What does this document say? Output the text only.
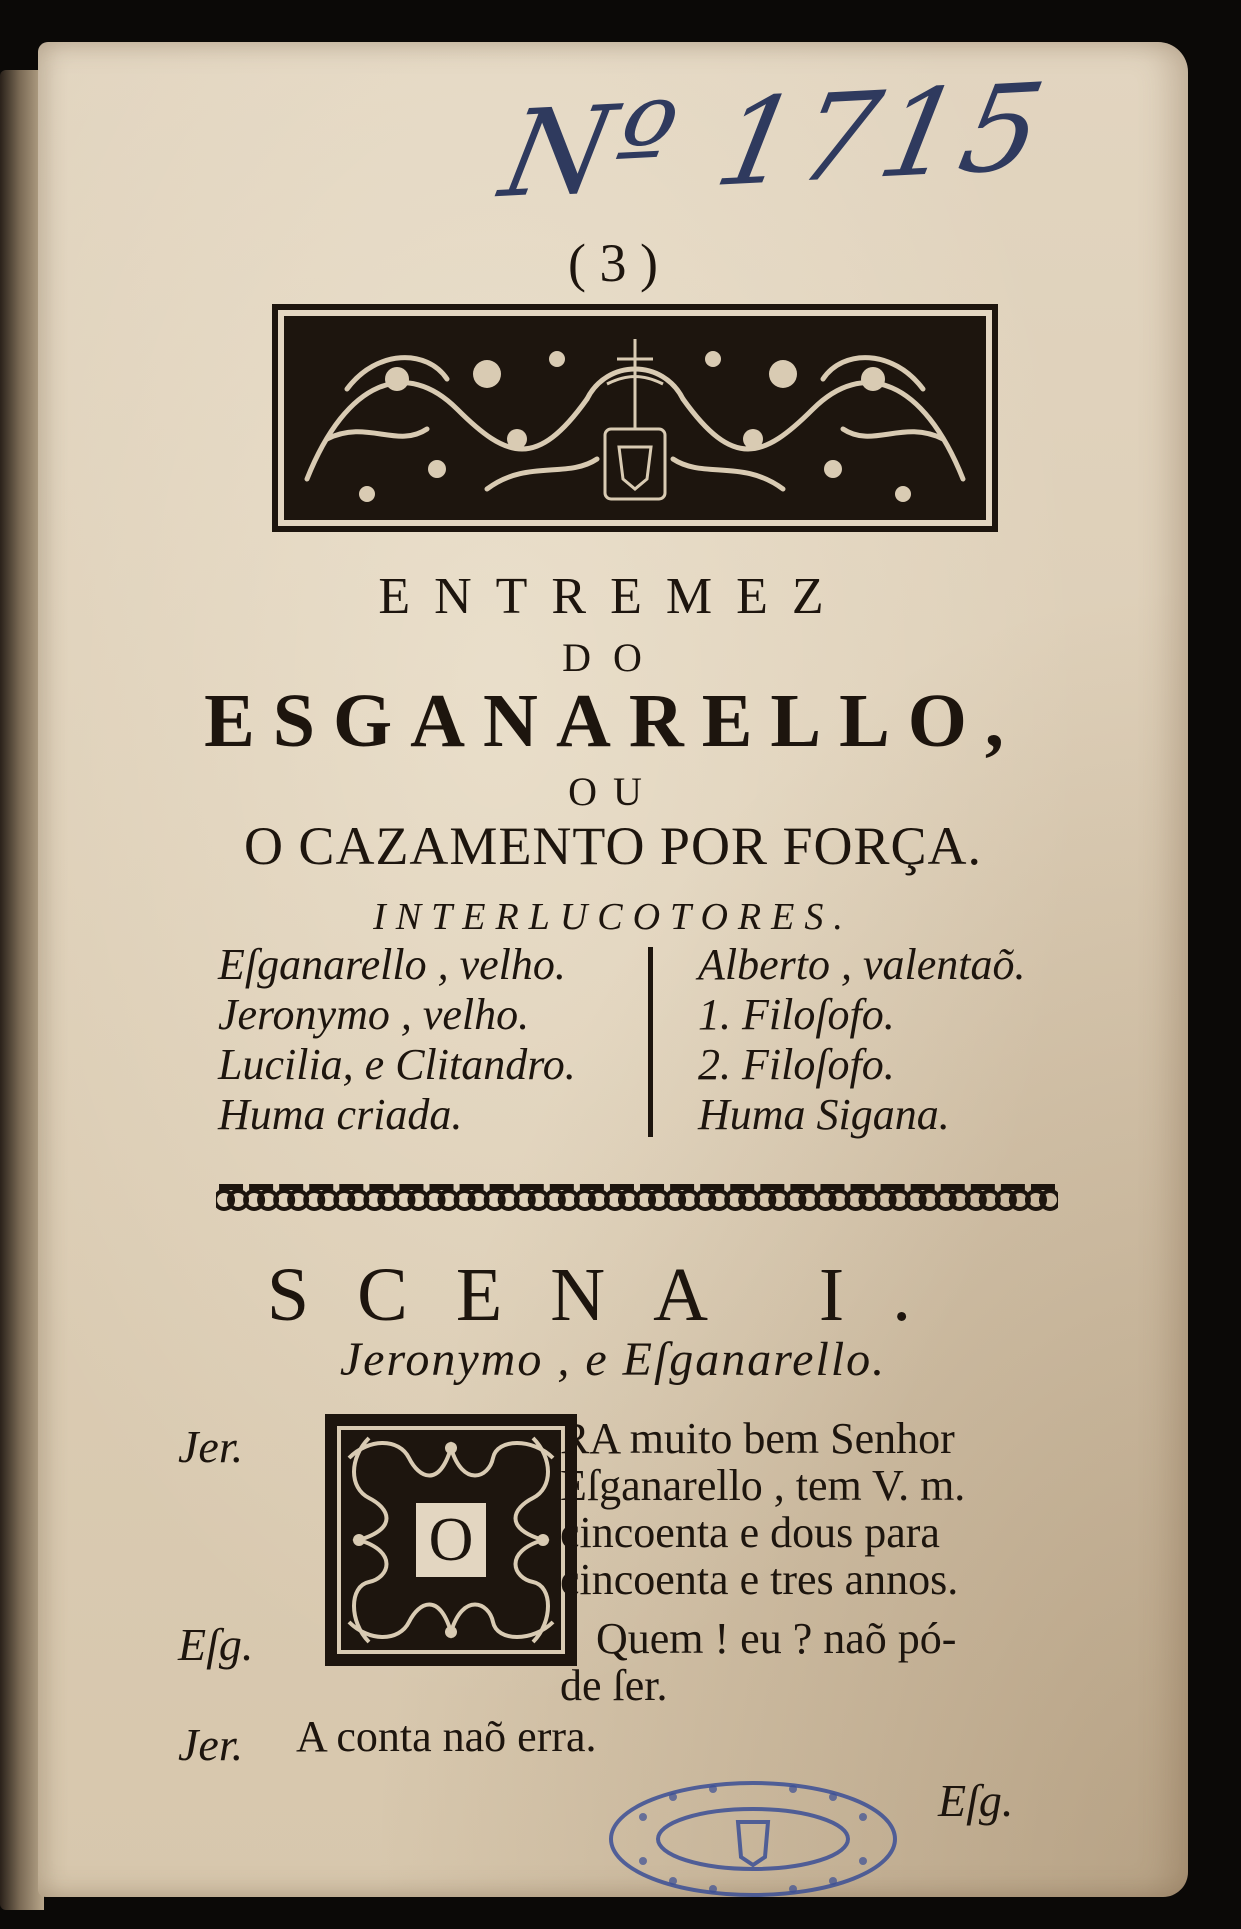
Nº 1715
( 3 )
ENTREMEZ
DO
ESGANARELLO,
OU
O CAZAMENTO POR FORÇA.
INTERLUCOTORES.
Eſganarello , velho.
Jeronymo , velho.
Lucilia, e Clitandro.
Huma criada.
Alberto , valentaõ.
1. Filoſofo.
2. Filoſofo.
Huma Sigana.
SCENA I.
Jeronymo , e Eſganarello.
Jer.
Eſg.
Jer.
O
RA muito bem Senhor
Eſganarello , tem V. m.
cincoenta e dous para
cincoenta e tres annos.
Quem ! eu ? naõ pó-
de ſer.
A conta naõ erra.
Eſg.
